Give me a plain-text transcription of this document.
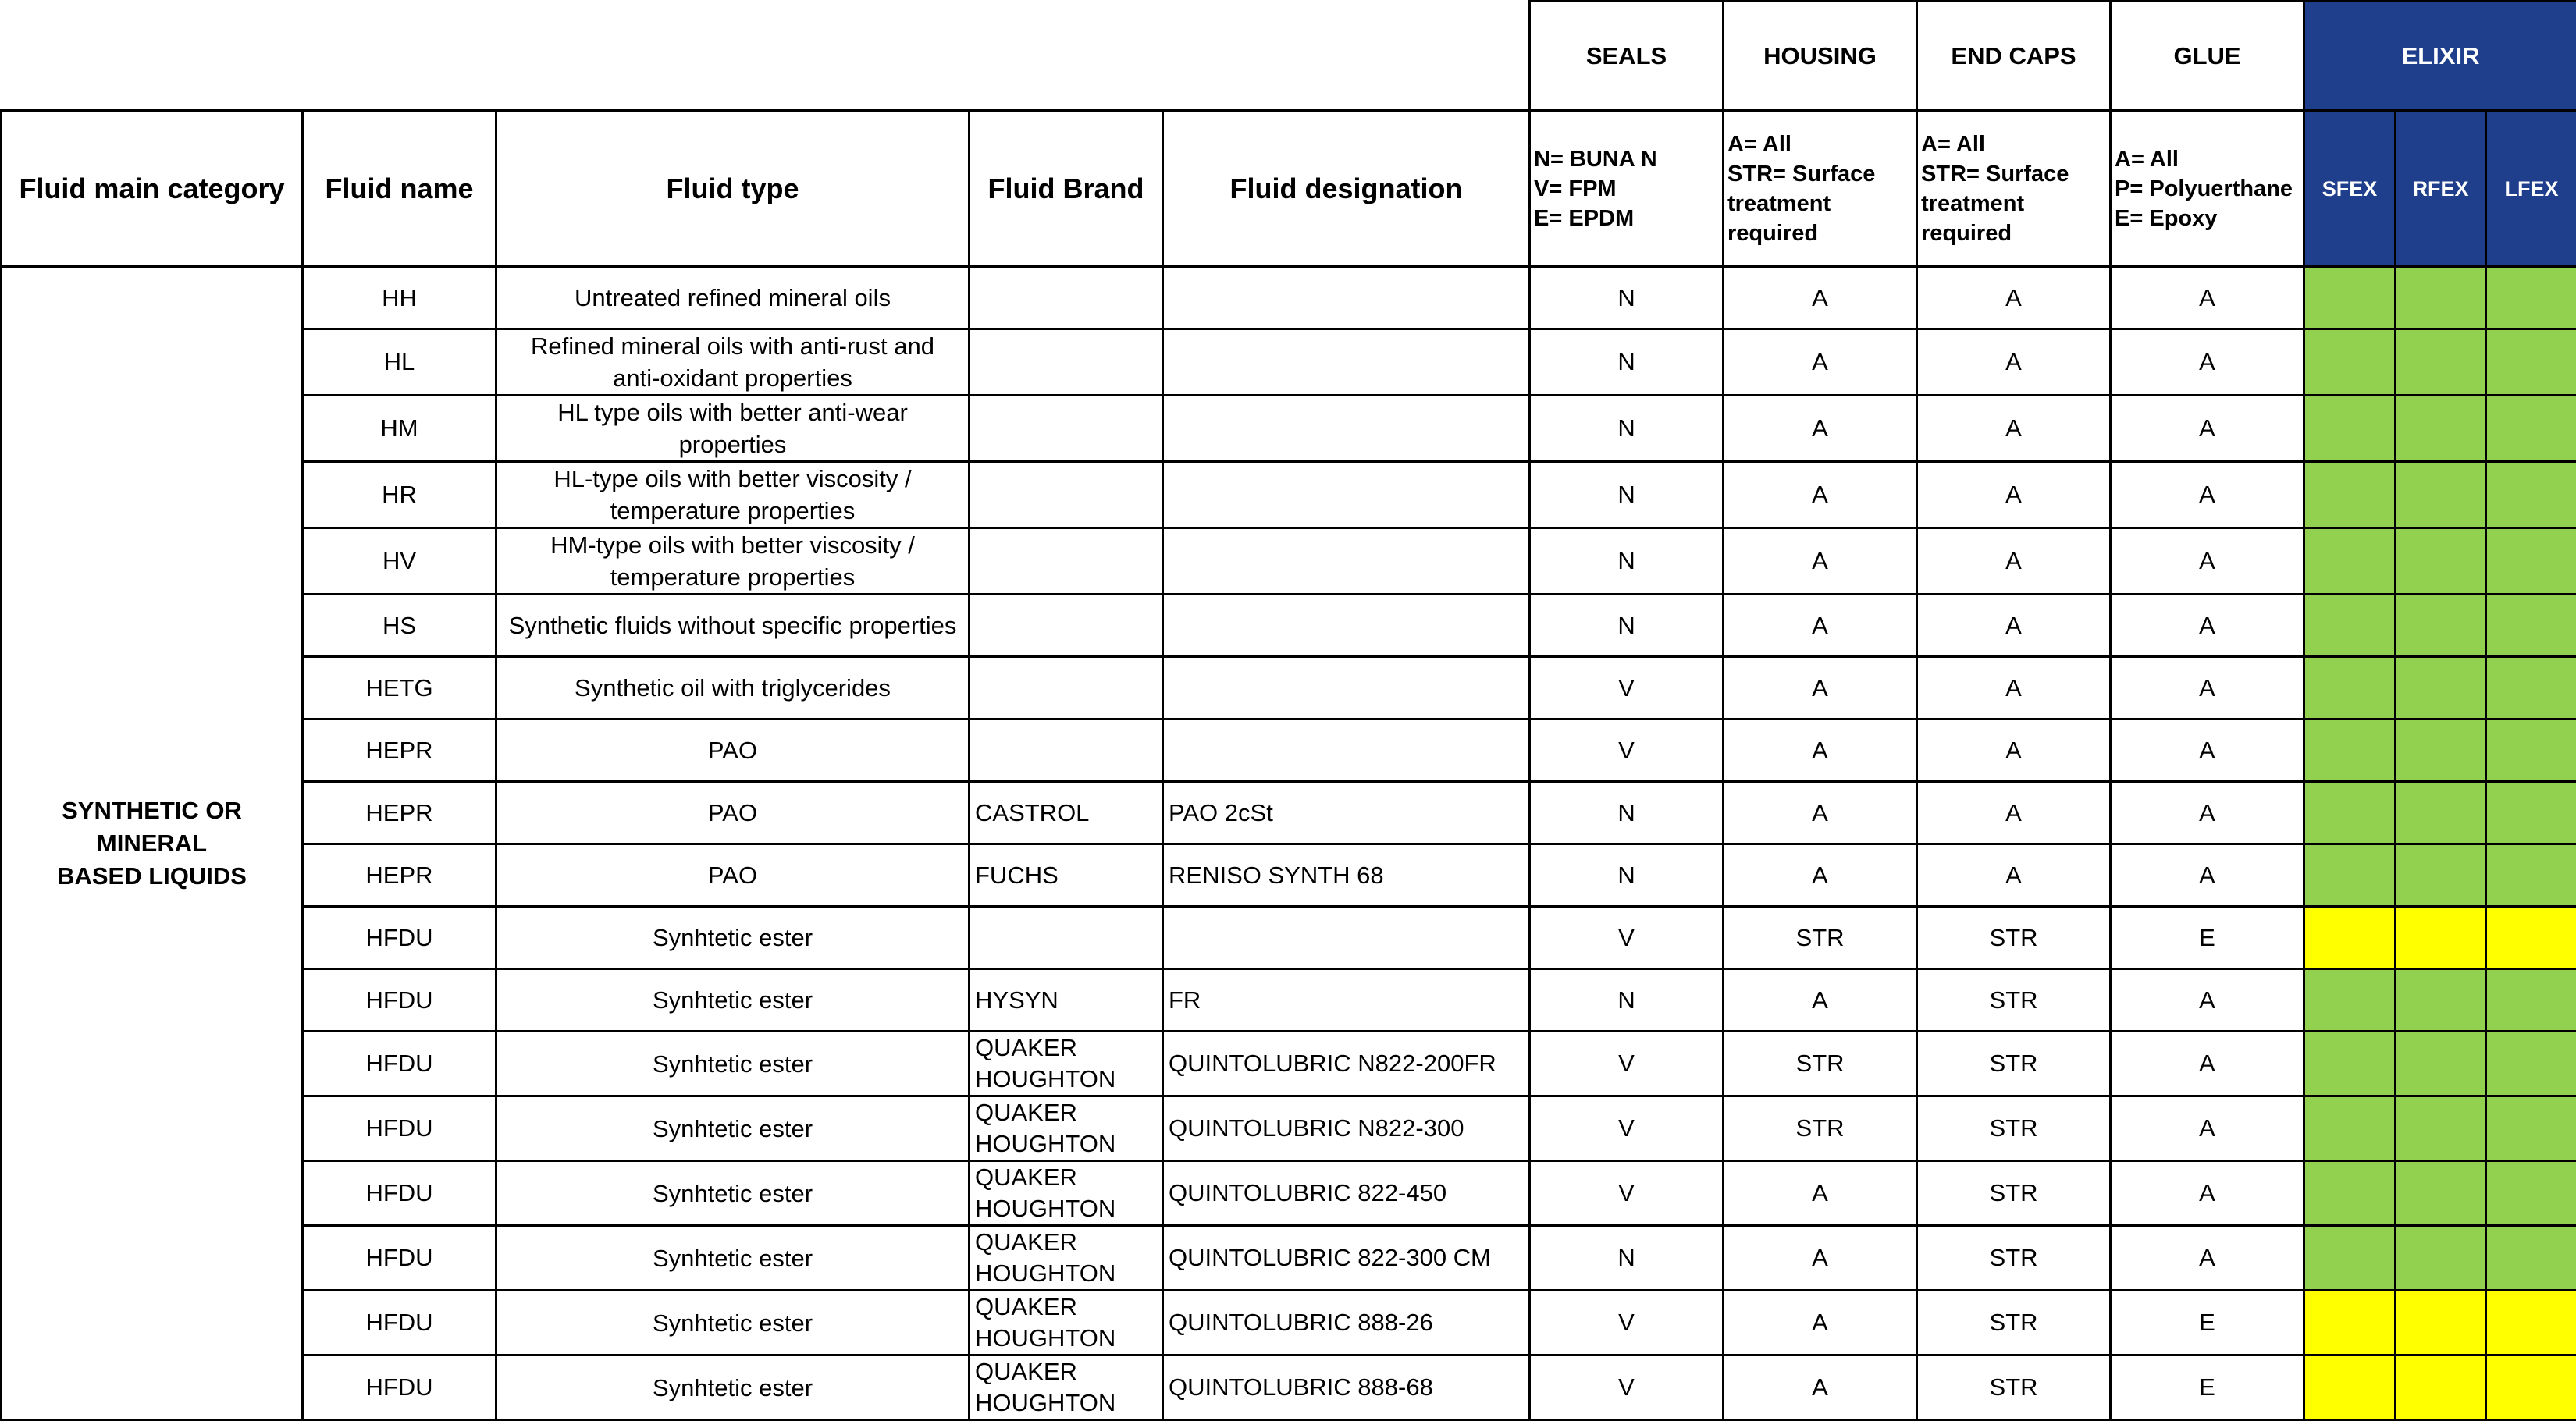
					SEALS	HOUSING	END CAPS	GLUE	ELIXIR		
Fluid main category	Fluid name	Fluid type	Fluid Brand	Fluid designation	N= BUNA N
V= FPM
E= EPDM	A= All
STR= Surface
treatment
required	A= All
STR= Surface
treatment
required	A= All
P= Polyuerthane
E= Epoxy	SFEX	RFEX	LFEX
SYNTHETIC OR
MINERAL
BASED LIQUIDS	HH	Untreated refined mineral oils			N	A	A	A			
	HL	Refined mineral oils with anti-rust and
anti-oxidant properties			N	A	A	A			
	HM	HL type oils with better anti-wear
properties			N	A	A	A			
	HR	HL-type oils with better viscosity /
temperature properties			N	A	A	A			
	HV	HM-type oils with better viscosity /
temperature properties			N	A	A	A			
	HS	Synthetic fluids without specific properties			N	A	A	A			
	HETG	Synthetic oil with triglycerides			V	A	A	A			
	HEPR	PAO			V	A	A	A			
	HEPR	PAO	CASTROL	PAO 2cSt	N	A	A	A			
	HEPR	PAO	FUCHS	RENISO SYNTH 68	N	A	A	A			
	HFDU	Synhtetic ester			V	STR	STR	E			
	HFDU	Synhtetic ester	HYSYN	FR	N	A	STR	A			
	HFDU	Synhtetic ester	QUAKER
HOUGHTON	QUINTOLUBRIC N822-200FR	V	STR	STR	A			
	HFDU	Synhtetic ester	QUAKER
HOUGHTON	QUINTOLUBRIC N822-300	V	STR	STR	A			
	HFDU	Synhtetic ester	QUAKER
HOUGHTON	QUINTOLUBRIC 822-450	V	A	STR	A			
	HFDU	Synhtetic ester	QUAKER
HOUGHTON	QUINTOLUBRIC 822-300 CM	N	A	STR	A			
	HFDU	Synhtetic ester	QUAKER
HOUGHTON	QUINTOLUBRIC 888-26	V	A	STR	E			
	HFDU	Synhtetic ester	QUAKER
HOUGHTON	QUINTOLUBRIC 888-68	V	A	STR	E			
